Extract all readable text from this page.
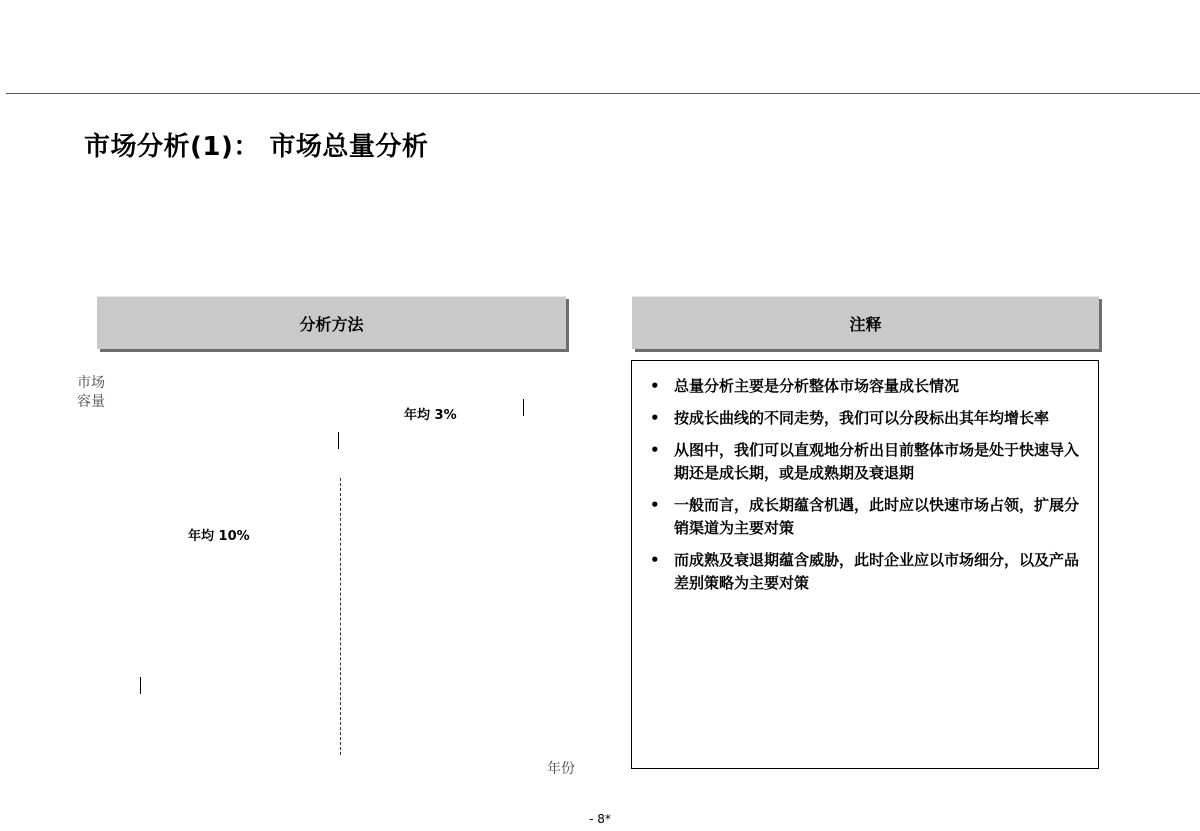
市场分析(1)： 市场总量分析
分析方法
市场容量
年均 3%
年均 10%
年份
注释
• 总量分析主要是分析整体市场容量成长情况
• 按成长曲线的不同走势，我们可以分段标出其年均增长率
• 从图中，我们可以直观地分析出目前整体市场是处于快速导入期还是成长期，或是成熟期及衰退期
• 一般而言，成长期蕴含机遇，此时应以快速市场占领，扩展分销渠道为主要对策
• 而成熟及衰退期蕴含威胁，此时企业应以市场细分，以及产品差别策略为主要对策
- 8*
